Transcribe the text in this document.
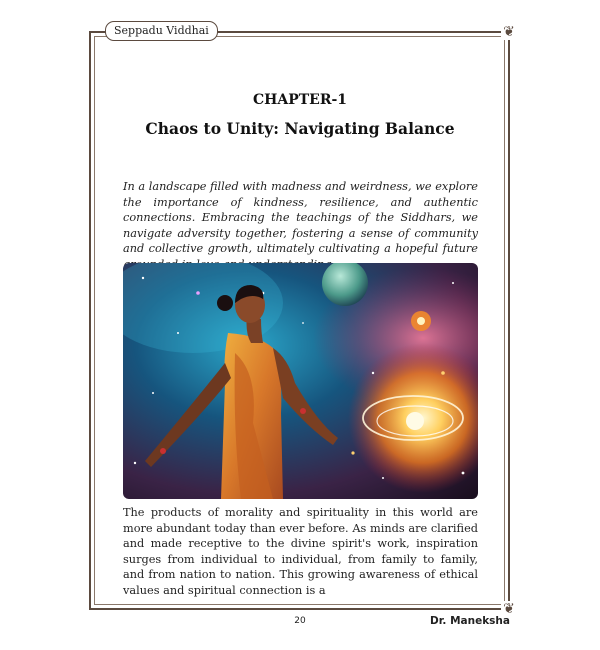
❦
❦
Seppadu Viddhai
CHAPTER-1
Chaos to Unity: Navigating Balance

In a landscape filled with madness and weirdness, we explore the importance of kindness, resilience, and authentic connections. Embracing the teachings of the Siddhars, we navigate adversity together, fostering a sense of community and collective growth, ultimately cultivating a hopeful future

The products of morality and spirituality in this world are more abundant today than ever before. As minds are clarified and made receptive to the divine spirit's work, inspiration surges from individual to individual, from family to family, and from nation to nation. This growing awareness of ethical values and spiritual connection is a

20	Dr. Maneksha
